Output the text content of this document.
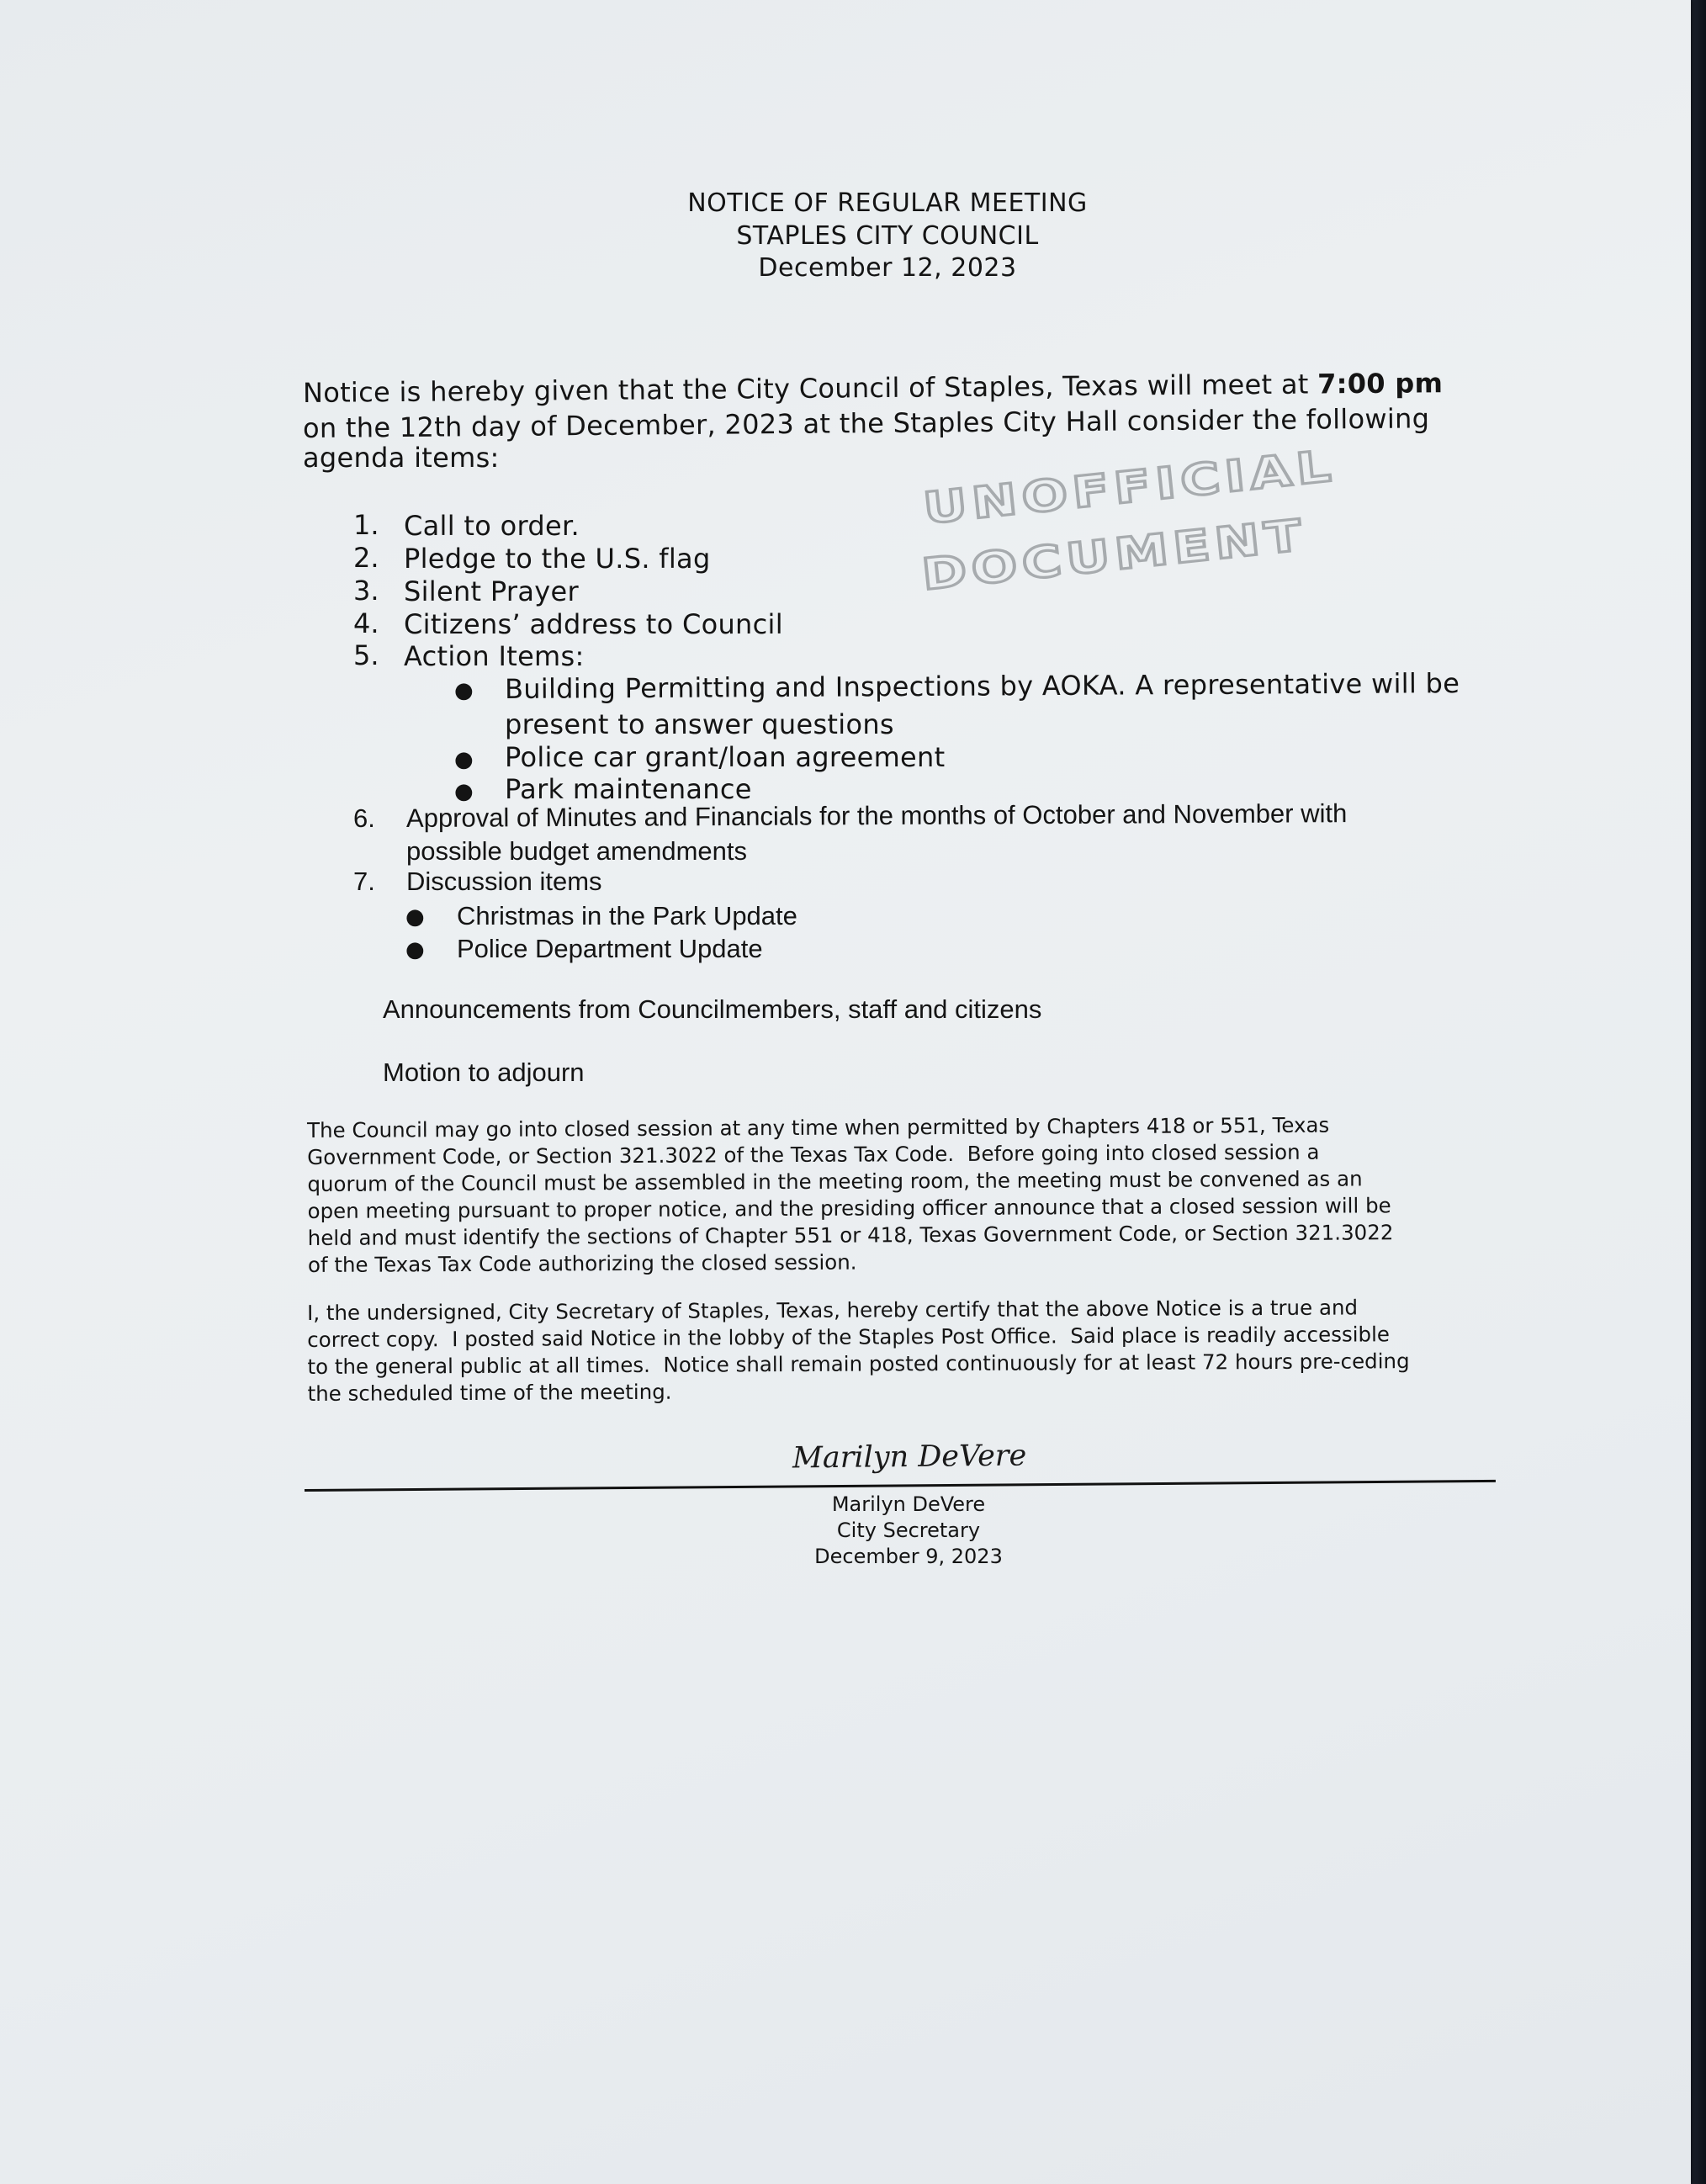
NOTICE OF REGULAR MEETING
STAPLES CITY COUNCIL
December 12, 2023
Notice is hereby given that the City Council of Staples, Texas will meet at 7:00 pm
on the 12th day of December, 2023 at the Staples City Hall consider the following
agenda items:	UNOFFICIAL
DOCUMENT
1. Call to order.
2. Pledge to the U.S. flag
3. Silent Prayer
4. Citizens’ address to Council
5. Action Items:
● Building Permitting and Inspections by AOKA. A representative will be
present to answer questions
● Police car grant/loan agreement
● Park maintenance
6. Approval of Minutes and Financials for the months of October and November with
possible budget amendments
7. Discussion items
● Christmas in the Park Update
● Police Department Update
Announcements from Councilmembers, staff and citizens
Motion to adjourn
The Council may go into closed session at any time when permitted by Chapters 418 or 551, Texas
Government Code, or Section 321.3022 of the Texas Tax Code.  Before going into closed session a
quorum of the Council must be assembled in the meeting room, the meeting must be convened as an
open meeting pursuant to proper notice, and the presiding officer announce that a closed session will be
held and must identify the sections of Chapter 551 or 418, Texas Government Code, or Section 321.3022
of the Texas Tax Code authorizing the closed session.
I, the undersigned, City Secretary of Staples, Texas, hereby certify that the above Notice is a true and
correct copy.  I posted said Notice in the lobby of the Staples Post Office.  Said place is readily accessible
to the general public at all times.  Notice shall remain posted continuously for at least 72 hours pre-ceding
the scheduled time of the meeting.
Marilyn DeVere
Marilyn DeVere
City Secretary
December 9, 2023
